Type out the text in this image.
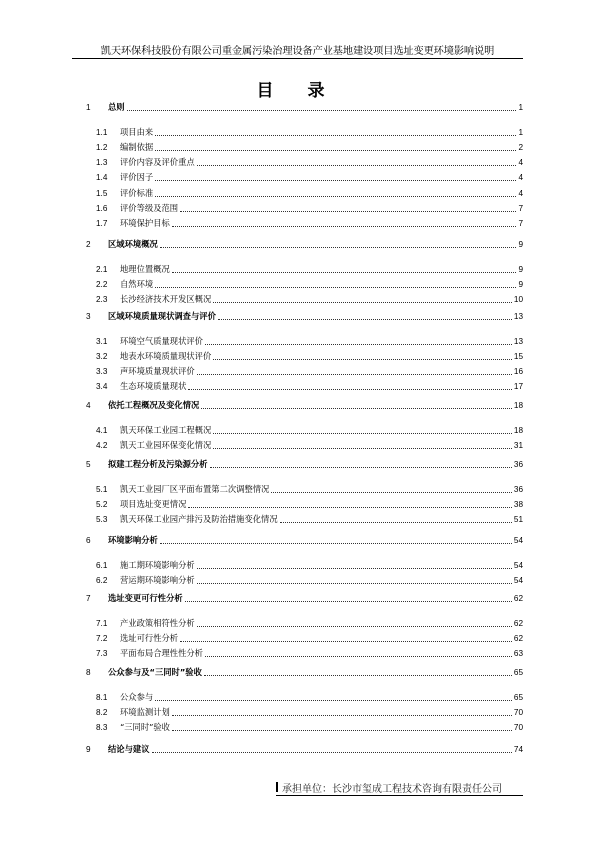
凯天环保科技股份有限公司重金属污染治理设备产业基地建设项目选址变更环境影响说明
目 录
1	总则	1
1.1	项目由来	1
1.2	编制依据	2
1.3	评价内容及评价重点	4
1.4	评价因子	4
1.5	评价标准	4
1.6	评价等级及范围	7
1.7	环境保护目标	7
2	区域环境概况	9
2.1	地理位置概况	9
2.2	自然环境	9
2.3	长沙经济技术开发区概况	10
3	区域环境质量现状调查与评价	13
3.1	环境空气质量现状评价	13
3.2	地表水环境质量现状评价	15
3.3	声环境质量现状评价	16
3.4	生态环境质量现状	17
4	依托工程概况及变化情况	18
4.1	凯天环保工业园工程概况	18
4.2	凯天工业园环保变化情况	31
5	拟建工程分析及污染源分析	36
5.1	凯天工业园厂区平面布置第二次调整情况	36
5.2	项目选址变更情况	38
5.3	凯天环保工业园产排污及防治措施变化情况	51
6	环境影响分析	54
6.1	施工期环境影响分析	54
6.2	营运期环境影响分析	54
7	选址变更可行性分析	62
7.1	产业政策相符性分析	62
7.2	选址可行性分析	62
7.3	平面布局合理性性分析	63
8	公众参与及“三同时”验收	65
8.1	公众参与	65
8.2	环境监测计划	70
8.3	“三同时”验收	70
9	结论与建议	74
承担单位：长沙市玺成工程技术咨询有限责任公司
